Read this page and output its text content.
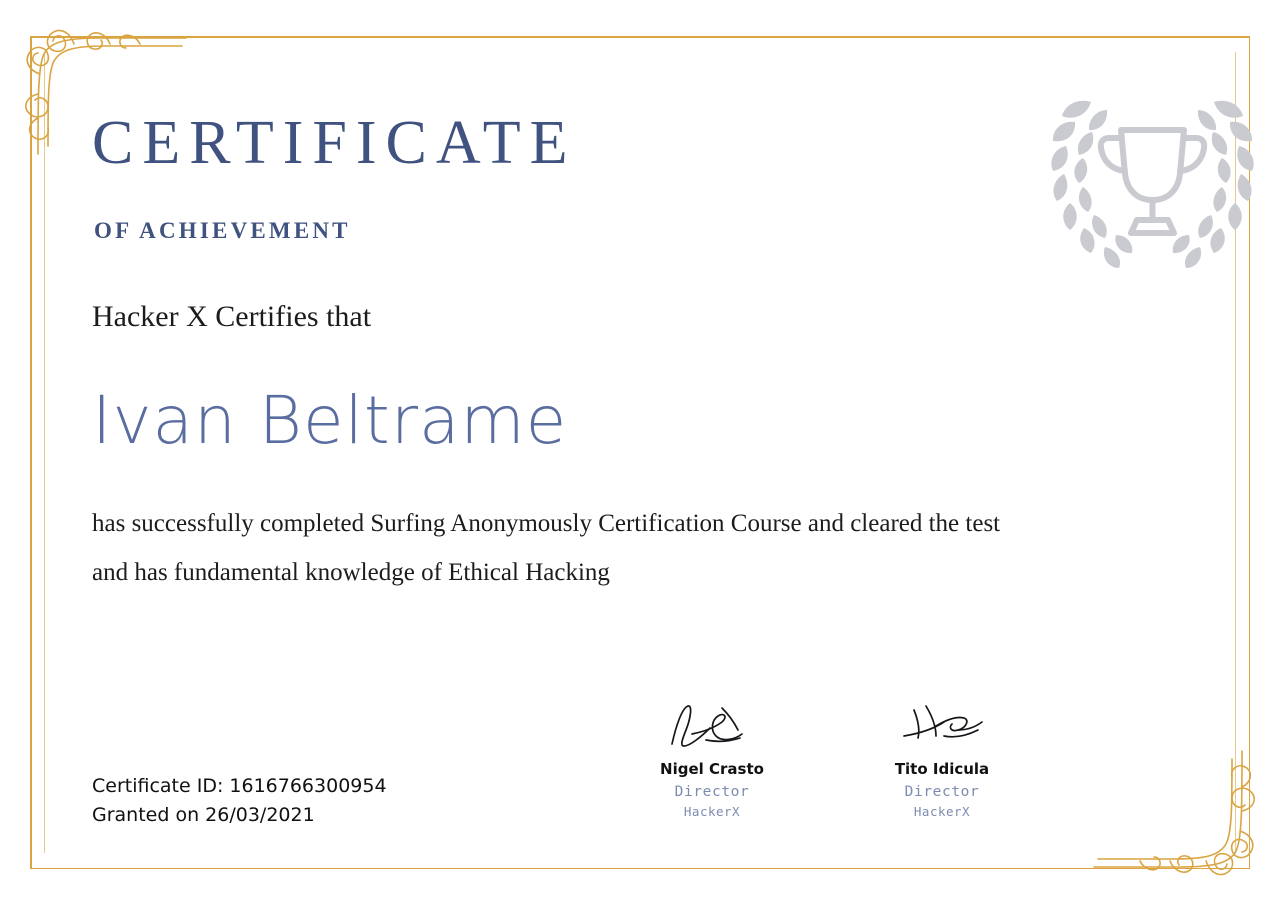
CERTIFICATE
OF ACHIEVEMENT
Hacker X Certifies that
Ivan Beltrame
has successfully completed Surfing Anonymously Certification Course and cleared the test
and has fundamental knowledge of Ethical Hacking
Nigel Crasto
Director
HackerX
Tito Idicula
Director
HackerX
Certificate ID: 1616766300954
Granted on 26/03/2021
